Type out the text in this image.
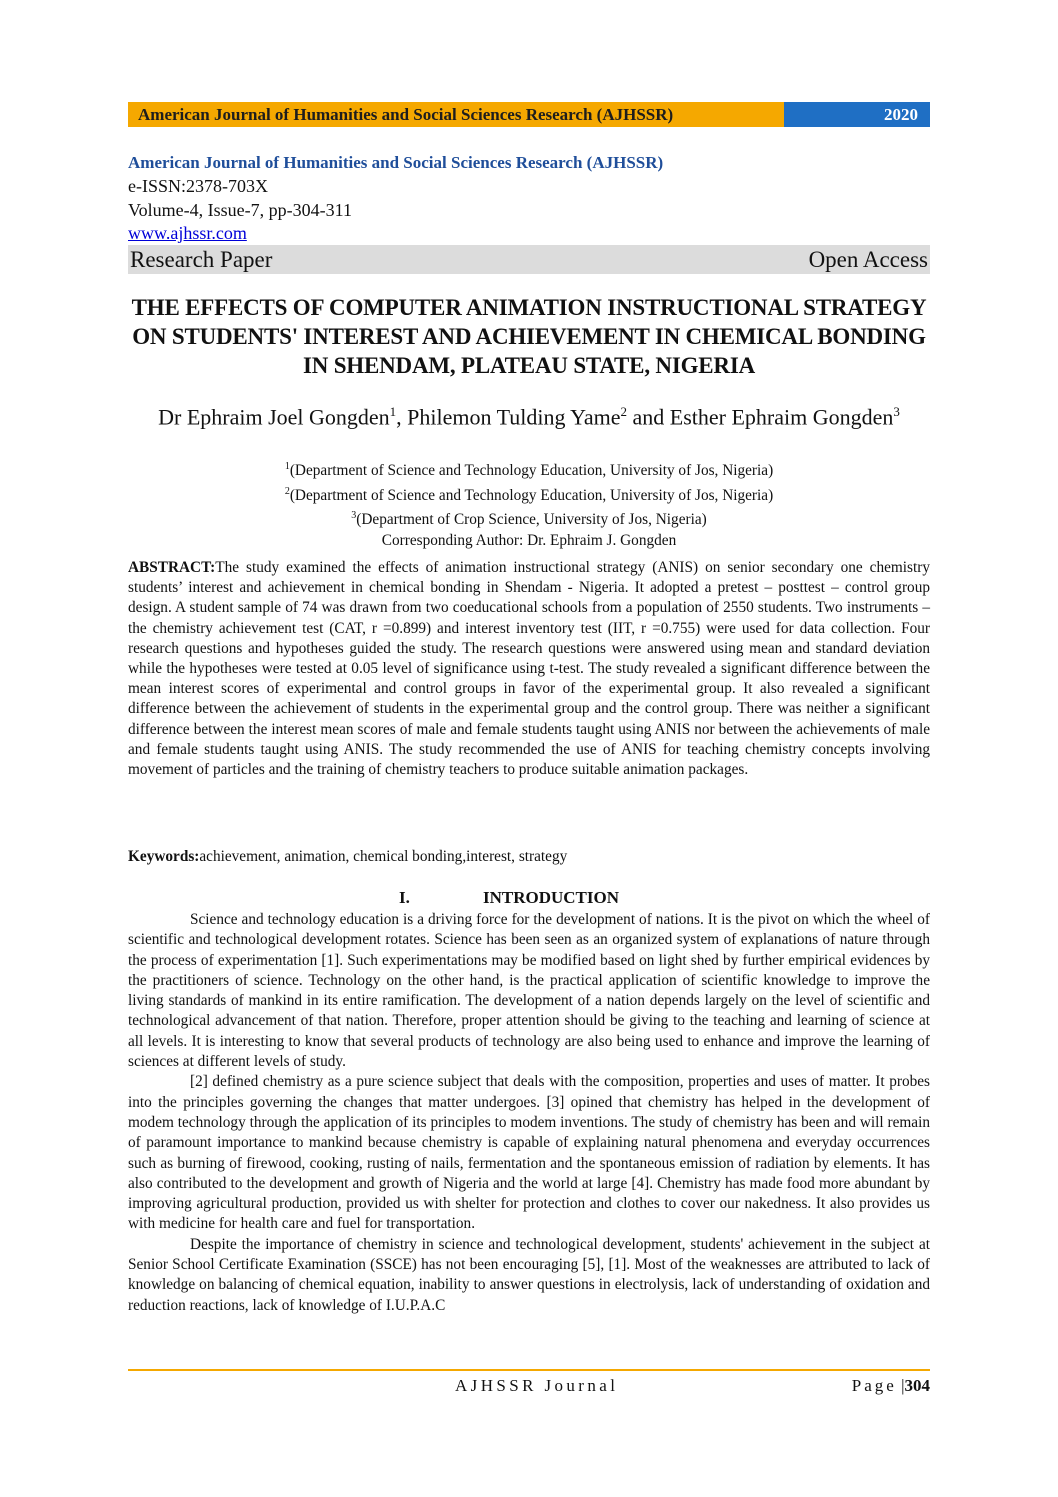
American Journal of Humanities and Social Sciences Research (AJHSSR)	2020
American Journal of Humanities and Social Sciences Research (AJHSSR)
e-ISSN:2378-703X
Volume-4, Issue-7, pp-304-311
www.ajhssr.com
Research Paper	Open Access
THE EFFECTS OF COMPUTER ANIMATION INSTRUCTIONAL STRATEGY ON STUDENTS' INTEREST AND ACHIEVEMENT IN CHEMICAL BONDING IN SHENDAM, PLATEAU STATE, NIGERIA
Dr Ephraim Joel Gongden$^1$, Philemon Tulding Yame$^2$ and Esther Ephraim Gongden$^3$
$^1$(Department of Science and Technology Education, University of Jos, Nigeria)
$^2$(Department of Science and Technology Education, University of Jos, Nigeria)
$^3$(Department of Crop Science, University of Jos, Nigeria)
Corresponding Author: Dr. Ephraim J. Gongden
ABSTRACT:The study examined the effects of animation instructional strategy (ANIS) on senior secondary one chemistry students’ interest and achievement in chemical bonding in Shendam - Nigeria. It adopted a pretest – posttest – control group design. A student sample of 74 was drawn from two coeducational schools from a population of 2550 students. Two instruments – the chemistry achievement test (CAT, r =0.899) and interest inventory test (IIT, r =0.755) were used for data collection. Four research questions and hypotheses guided the study. The research questions were answered using mean and standard deviation while the hypotheses were tested at 0.05 level of significance using t-test. The study revealed a significant difference between the mean interest scores of experimental and control groups in favor of the experimental group. It also revealed a significant difference between the achievement of students in the experimental group and the control group. There was neither a significant difference between the interest mean scores of male and female students taught using ANIS nor between the achievements of male and female students taught using ANIS. The study recommended the use of ANIS for teaching chemistry concepts involving movement of particles and the training of chemistry teachers to produce suitable animation packages.
Keywords:achievement, animation, chemical bonding,interest, strategy
I.	INTRODUCTION

Science and technology education is a driving force for the development of nations. It is the pivot on which the wheel of scientific and technological development rotates. Science has been seen as an organized system of explanations of nature through the process of experimentation [1]. Such experimentations may be modified based on light shed by further empirical evidences by the practitioners of science. Technology on the other hand, is the practical application of scientific knowledge to improve the living standards of mankind in its entire ramification. The development of a nation depends largely on the level of scientific and technological advancement of that nation. Therefore, proper attention should be giving to the teaching and learning of science at all levels. It is interesting to know that several products of technology are also being used to enhance and improve the learning of sciences at different levels of study.

[2] defined chemistry as a pure science subject that deals with the composition, properties and uses of matter. It probes into the principles governing the changes that matter undergoes. [3] opined that chemistry has helped in the development of modem technology through the application of its principles to modem inventions. The study of chemistry has been and will remain of paramount importance to mankind because chemistry is capable of explaining natural phenomena and everyday occurrences such as burning of firewood, cooking, rusting of nails, fermentation and the spontaneous emission of radiation by elements. It has also contributed to the development and growth of Nigeria and the world at large [4]. Chemistry has made food more abundant by improving agricultural production, provided us with shelter for protection and clothes to cover our nakedness. It also provides us with medicine for health care and fuel for transportation.

Despite the importance of chemistry in science and technological development, students' achievement in the subject at Senior School Certificate Examination (SSCE) has not been encouraging [5], [1]. Most of the weaknesses are attributed to lack of knowledge on balancing of chemical equation, inability to answer questions in electrolysis, lack of understanding of oxidation and reduction reactions, lack of knowledge of I.U.P.A.C

AJHSSR Journal	Page |304
